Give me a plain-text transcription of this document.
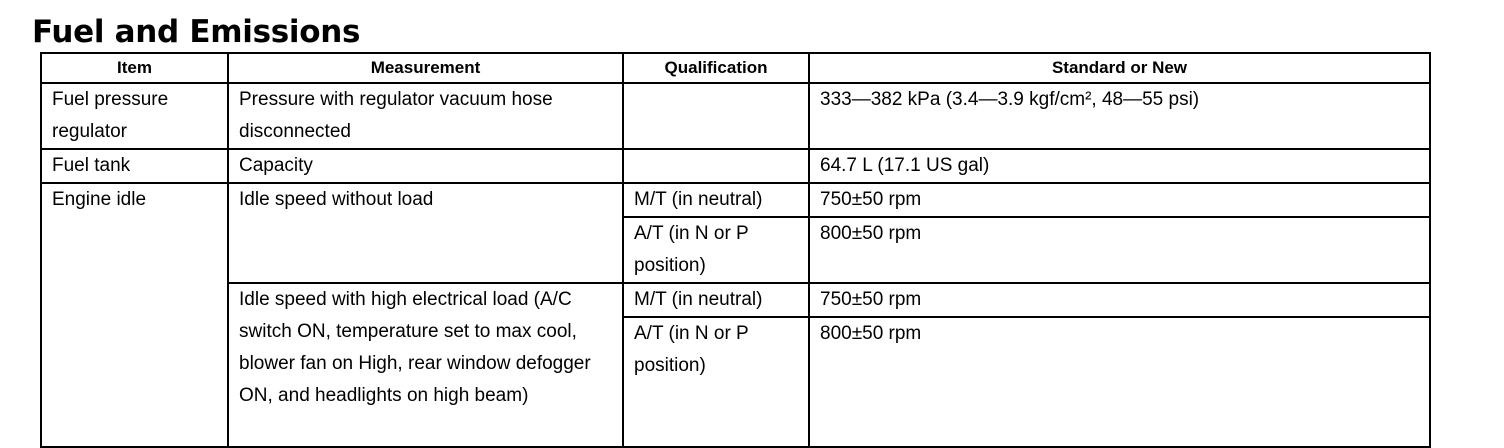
Fuel and Emissions
Item	Measurement	Qualification	Standard or New
Fuel pressure regulator	Pressure with regulator vacuum hose disconnected		333—382 kPa (3.4—3.9 kgf/cm², 48—55 psi)
Fuel tank	Capacity		64.7 L (17.1 US gal)
Engine idle	Idle speed without load	M/T (in neutral)	750±50 rpm
		A/T (in N or P position)	800±50 rpm
	Idle speed with high electrical load (A/C switch ON, temperature set to max cool, blower fan on High, rear window defogger ON, and headlights on high beam)	M/T (in neutral)	750±50 rpm
		A/T (in N or P position)	800±50 rpm
